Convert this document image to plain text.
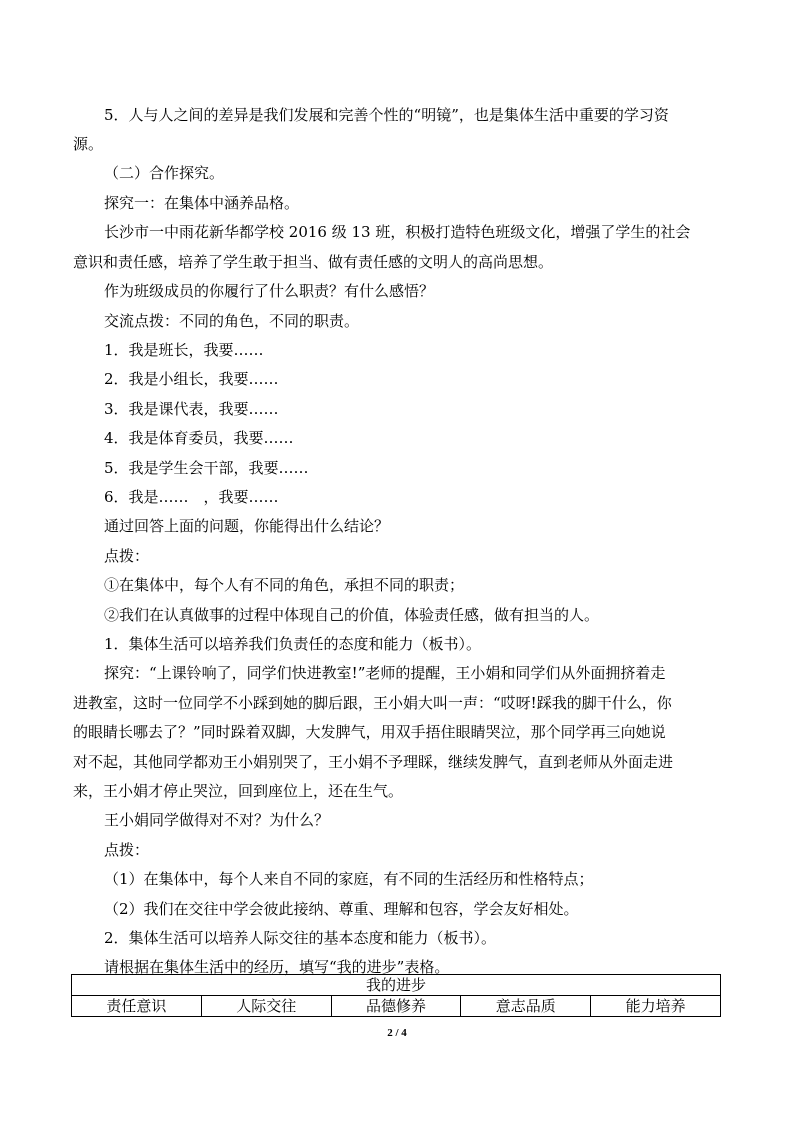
5．人与人之间的差异是我们发展和完善个性的“明镜”，也是集体生活中重要的学习资
源。
（二）合作探究。
探究一：在集体中涵养品格。
长沙市一中雨花新华都学校 2016 级 13 班，积极打造特色班级文化，增强了学生的社会
意识和责任感，培养了学生敢于担当、做有责任感的文明人的高尚思想。
作为班级成员的你履行了什么职责？有什么感悟？
交流点拨：不同的角色，不同的职责。
1．我是班长，我要……
2．我是小组长，我要……
3．我是课代表，我要……
4．我是体育委员，我要……
5．我是学生会干部，我要……
6．我是……　，我要……
通过回答上面的问题，你能得出什么结论？
点拨：
①在集体中，每个人有不同的角色，承担不同的职责；
②我们在认真做事的过程中体现自己的价值，体验责任感，做有担当的人。
1．集体生活可以培养我们负责任的态度和能力（板书）。
探究：“上课铃响了，同学们快进教室!”老师的提醒，王小娟和同学们从外面拥挤着走
进教室，这时一位同学不小踩到她的脚后跟，王小娟大叫一声：“哎呀!踩我的脚干什么，你
的眼睛长哪去了？”同时跺着双脚，大发脾气，用双手捂住眼睛哭泣，那个同学再三向她说
对不起，其他同学都劝王小娟别哭了，王小娟不予理睬，继续发脾气，直到老师从外面走进
来，王小娟才停止哭泣，回到座位上，还在生气。
王小娟同学做得对不对？为什么？
点拨：
（1）在集体中，每个人来自不同的家庭，有不同的生活经历和性格特点；
（2）我们在交往中学会彼此接纳、尊重、理解和包容，学会友好相处。
2．集体生活可以培养人际交往的基本态度和能力（板书）。
请根据在集体生活中的经历，填写“我的进步”表格。
我的进步
责任意识	人际交往	品德修养	意志品质	能力培养
2 / 4
